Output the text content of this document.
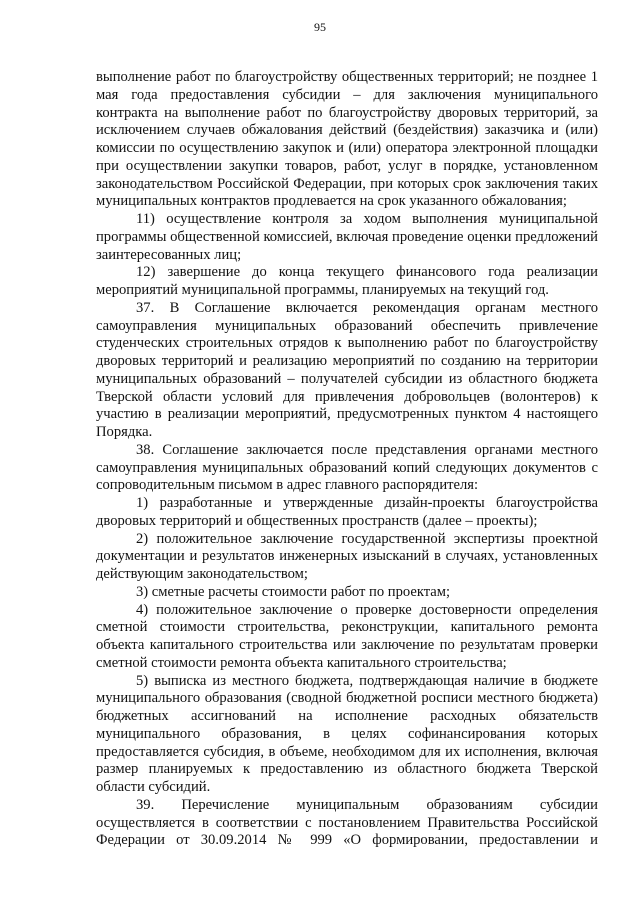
95

выполнение работ по благоустройству общественных территорий; не позднее 1 мая года предоставления субсидии – для заключения муниципального контракта на выполнение работ по благоустройству дворовых территорий, за исключением случаев обжалования действий (бездействия) заказчика и (или) комиссии по осуществлению закупок и (или) оператора электронной площадки при осуществлении закупки товаров, работ, услуг в порядке, установленном законодательством Российской Федерации, при которых срок заключения таких муниципальных контрактов продлевается на срок указанного обжалования;

11) осуществление контроля за ходом выполнения муниципальной программы общественной комиссией, включая проведение оценки предложений заинтересованных лиц;

12) завершение до конца текущего финансового года реализации мероприятий муниципальной программы, планируемых на текущий год.

37. В Соглашение включается рекомендация органам местного самоуправления муниципальных образований обеспечить привлечение студенческих строительных отрядов к выполнению работ по благоустройству дворовых территорий и реализацию мероприятий по созданию на территории муниципальных образований – получателей субсидии из областного бюджета Тверской области условий для привлечения добровольцев (волонтеров) к участию в реализации мероприятий, предусмотренных пунктом 4 настоящего Порядка.

38. Соглашение заключается после представления органами местного самоуправления муниципальных образований копий следующих документов с сопроводительным письмом в адрес главного распорядителя:

1) разработанные и утвержденные дизайн-проекты благоустройства дворовых территорий и общественных пространств (далее – проекты);

2) положительное заключение государственной экспертизы проектной документации и результатов инженерных изысканий в случаях, установленных действующим законодательством;

3) сметные расчеты стоимости работ по проектам;

4) положительное заключение о проверке достоверности определения сметной стоимости строительства, реконструкции, капитального ремонта объекта капитального строительства или заключение по результатам проверки сметной стоимости ремонта объекта капитального строительства;

5) выписка из местного бюджета, подтверждающая наличие в бюджете муниципального образования (сводной бюджетной росписи местного бюджета) бюджетных ассигнований на исполнение расходных обязательств муниципального образования, в целях софинансирования которых предоставляется субсидия, в объеме, необходимом для их исполнения, включая размер планируемых к предоставлению из областного бюджета Тверской области субсидий.

39. Перечисление муниципальным образованиям субсидии осуществляется в соответствии с постановлением Правительства Российской Федерации от 30.09.2014 № 999 «О формировании, предоставлении и
